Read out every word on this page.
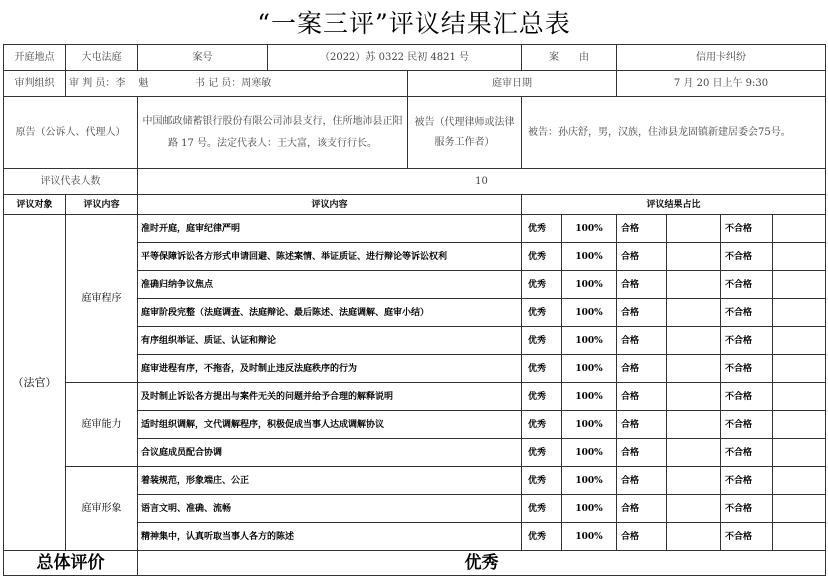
“一案三评”评议结果汇总表
开庭地点	大屯法庭	案号	（2022）苏 0322 民初 4821 号		案　　由		信用卡纠纷			
审判组织	审 判 员：李　 魁 书 记 员：周寒敏			庭审日期			7 月 20 日上午 9:30			
原告（公诉人、代理人）		中国邮政储蓄银行股份有限公司沛县支行，住所地沛县正阳路 17 号。法定代表人：王大富，该支行行长。		被告（代理律师或法律服务工作者）	被告：孙庆舒，男，汉族，住沛县龙固镇新建居委会75号。					
评议代表人数		10								
评议对象	评议内容	评议内容			评议结果占比					
（法官）	庭审程序	准时开庭，庭审纪律严明			优秀	100%	合格		不合格	
		平等保障诉讼各方形式申请回避、陈述案情、举证质证、进行辩论等诉讼权利			优秀	100%	合格		不合格	
		准确归纳争议焦点			优秀	100%	合格		不合格	
		庭审阶段完整（法庭调查、法庭辩论、最后陈述、法庭调解、庭审小结）			优秀	100%	合格		不合格	
		有序组织举证、质证、认证和辩论			优秀	100%	合格		不合格	
		庭审进程有序，不拖沓，及时制止违反法庭秩序的行为			优秀	100%	合格		不合格	
	庭审能力	及时制止诉讼各方提出与案件无关的问题并给予合理的解释说明			优秀	100%	合格		不合格	
		适时组织调解，文代调解程序，积极促成当事人达成调解协议			优秀	100%	合格		不合格	
		合议庭成员配合协调			优秀	100%	合格		不合格	
	庭审形象	着装规范，形象端庄、公正			优秀	100%	合格		不合格	
		语言文明、准确、流畅			优秀	100%	合格		不合格	
		精神集中，认真听取当事人各方的陈述			优秀	100%	合格		不合格	
总体评价		优秀								
